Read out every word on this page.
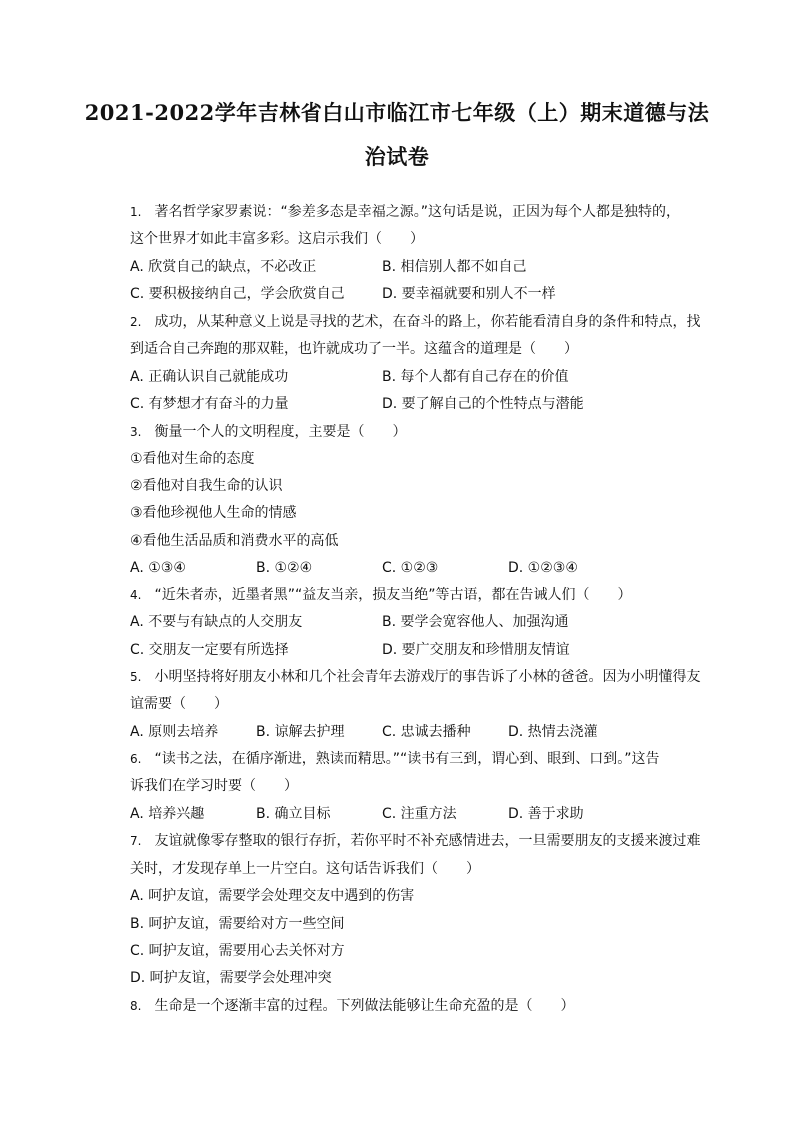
2021-2022学年吉林省白山市临江市七年级（上）期末道德与法
治试卷
1. 著名哲学家罗素说：“参差多态是幸福之源。”这句话是说，正因为每个人都是独特的，
这个世界才如此丰富多彩。这启示我们（　　）
A. 欣赏自己的缺点，不必改正	B. 相信别人都不如自己
C. 要积极接纳自己，学会欣赏自己	D. 要幸福就要和别人不一样
2. 成功，从某种意义上说是寻找的艺术，在奋斗的路上，你若能看清自身的条件和特点，找
到适合自己奔跑的那双鞋，也许就成功了一半。这蕴含的道理是（　　）
A. 正确认识自己就能成功	B. 每个人都有自己存在的价值
C. 有梦想才有奋斗的力量	D. 要了解自己的个性特点与潜能
3. 衡量一个人的文明程度，主要是（　　）
①看他对生命的态度
②看他对自我生命的认识
③看他珍视他人生命的情感
④看他生活品质和消费水平的高低
A. ①③④	B. ①②④	C. ①②③	D. ①②③④
4. “近朱者赤，近墨者黑”“益友当亲，损友当绝”等古语，都在告诫人们（　　）
A. 不要与有缺点的人交朋友	B. 要学会宽容他人、加强沟通
C. 交朋友一定要有所选择	D. 要广交朋友和珍惜朋友情谊
5. 小明坚持将好朋友小林和几个社会青年去游戏厅的事告诉了小林的爸爸。因为小明懂得友
谊需要（　　）
A. 原则去培养	B. 谅解去护理	C. 忠诚去播种	D. 热情去浇灌
6. “读书之法，在循序渐进，熟读而精思。”“读书有三到，谓心到、眼到、口到。”这告
诉我们在学习时要（　　）
A. 培养兴趣	B. 确立目标	C. 注重方法	D. 善于求助
7. 友谊就像零存整取的银行存折，若你平时不补充感情进去，一旦需要朋友的支援来渡过难
关时，才发现存单上一片空白。这句话告诉我们（　　）
A. 呵护友谊，需要学会处理交友中遇到的伤害
B. 呵护友谊，需要给对方一些空间
C. 呵护友谊，需要用心去关怀对方
D. 呵护友谊，需要学会处理冲突
8. 生命是一个逐渐丰富的过程。下列做法能够让生命充盈的是（　　）
